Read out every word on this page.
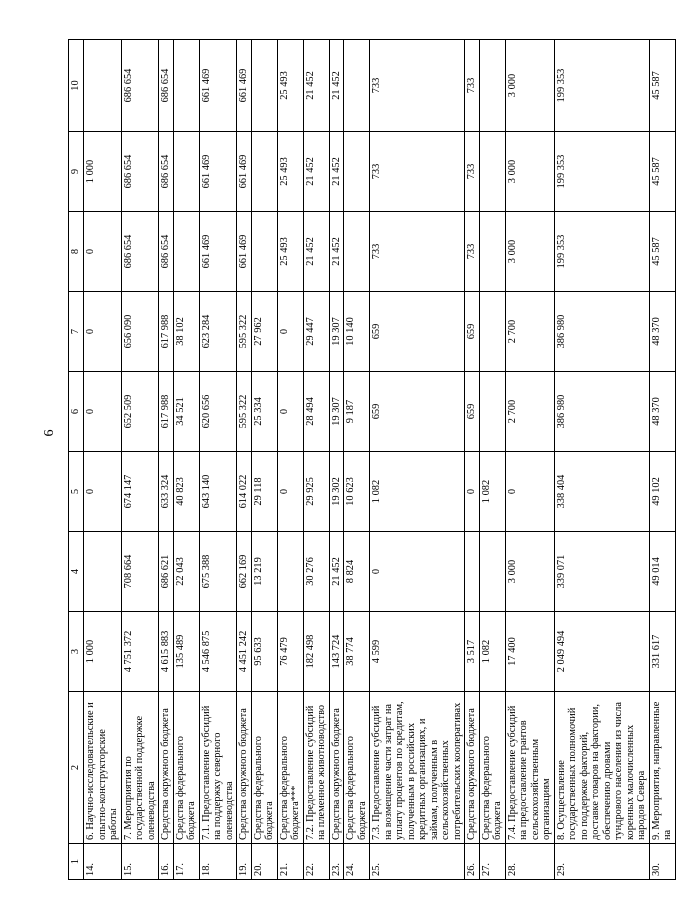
6
1	2	3	4	5	6	7	8	9	10
14.	6. Научно-исследовательские и опытно-конструкторские работы	1 000		0	0	0	0	1 000	
15.	7. Мероприятия по государственной поддержке оленеводства	4 751 372	708 664	674 147	652 509	656 090	686 654	686 654	686 654
16.	Средства окружного бюджета	4 615 883	686 621	633 324	617 988	617 988	686 654	686 654	686 654
17.	Средства федерального бюджета	135 489	22 043	40 823	34 521	38 102			
18.	7.1. Предоставление субсидий на поддержку северного оленеводства	4 546 875	675 388	643 140	620 656	623 284	661 469	661 469	661 469
19.	Средства окружного бюджета	4 451 242	662 169	614 022	595 322	595 322	661 469	661 469	661 469
20.	Средства федерального бюджета	95 633	13 219	29 118	25 334	27 962			
21.	Средства федерального бюджета***	76 479		0	0	0	25 493	25 493	25 493
22.	7.2. Предоставление субсидий на племенное животноводство	182 498	30 276	29 925	28 494	29 447	21 452	21 452	21 452
23.	Средства окружного бюджета	143 724	21 452	19 302	19 307	19 307	21 452	21 452	21 452
24.	Средства федерального бюджета	38 774	8 824	10 623	9 187	10 140			
25.	7.3. Предоставление субсидий на возмещение части затрат на уплату процентов по кредитам, полученным в российских кредитных организациях, и займам, полученным в сельскохозяйственных потребительских кооперативах	4 599	0	1 082	659	659	733	733	733
26.	Средства окружного бюджета	3 517		0	659	659	733	733	733
27.	Средства федерального бюджета	1 082		1 082					
28.	7.4. Предоставление субсидий на предоставление грантов сельскохозяйственным организациям	17 400	3 000	0	2 700	2 700	3 000	3 000	3 000
29.	8. Осуществление государственных полномочий по поддержке факторий, доставке товаров на фактории, обеспечению дровами тундрового населения из числа коренных малочисленных народов Севера	2 049 494	339 071	338 404	386 980	386 980	199 353	199 353	199 353
30.	9. Мероприятия, направленные на	331 617	49 014	49 102	48 370	48 370	45 587	45 587	45 587
